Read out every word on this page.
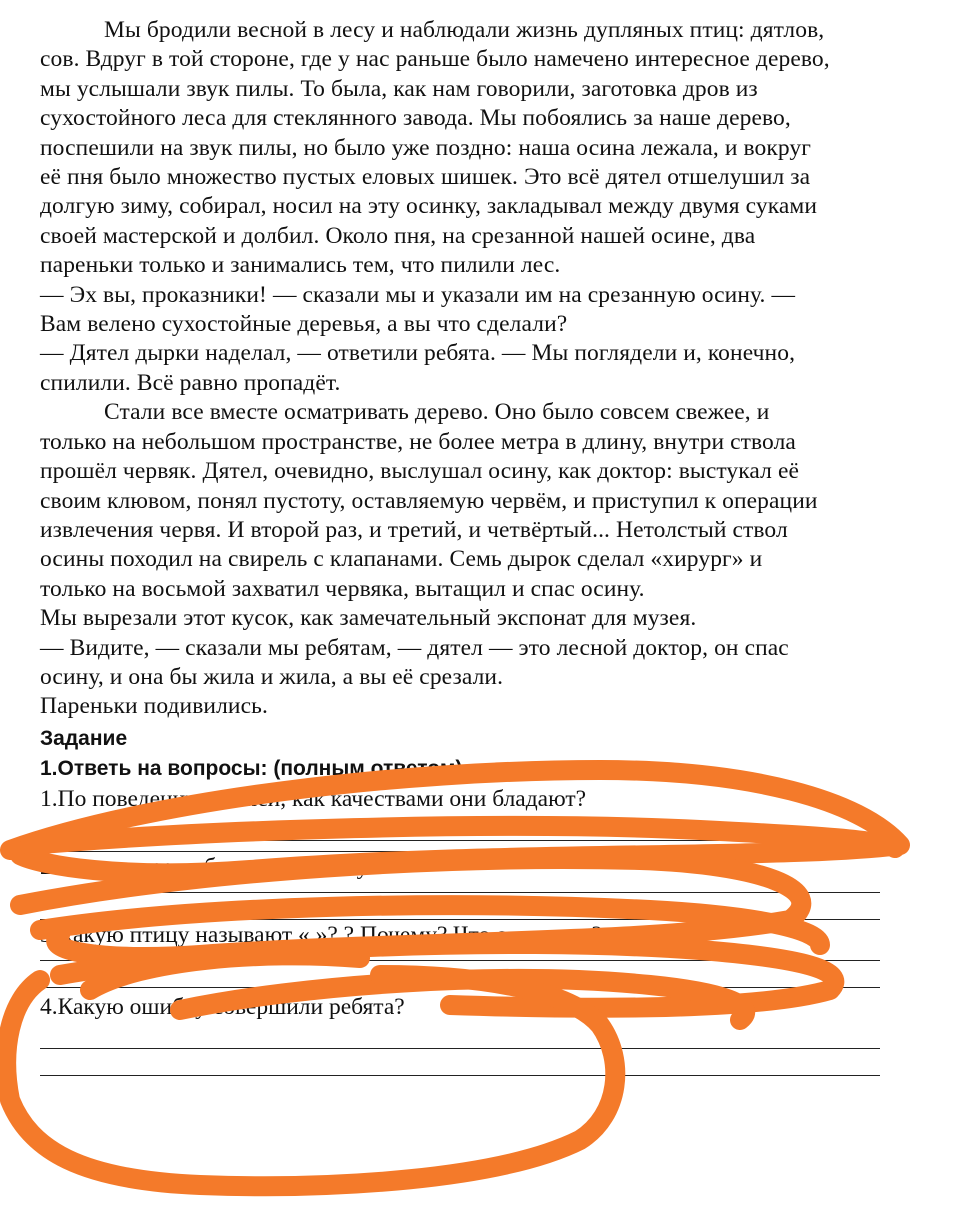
Мы бродили весной в лесу и наблюдали жизнь дупляных птиц: дятлов,
сов. Вдруг в той стороне, где у нас раньше было намечено интересное дерево,
мы услышали звук пилы. То была, как нам говорили, заготовка дров из
сухостойного леса для стеклянного завода. Мы побоялись за наше дерево,
поспешили на звук пилы, но было уже поздно: наша осина лежала, и вокруг
её пня было множество пустых еловых шишек. Это всё дятел отшелушил за
долгую зиму, собирал, носил на эту осинку, закладывал между двумя суками
своей мастерской и долбил. Около пня, на срезанной нашей осине, два
пареньки только и занимались тем, что пилили лес.
— Эх вы, проказники! — сказали мы и указали им на срезанную осину. —
Вам велено сухостойные деревья, а вы что сделали?
— Дятел дырки наделал, — ответили ребята. — Мы поглядели и, конечно,
спилили. Всё равно пропадёт.
Стали все вместе осматривать дерево. Оно было совсем свежее, и
только на небольшом пространстве, не более метра в длину, внутри ствола
прошёл червяк. Дятел, очевидно, выслушал осину, как доктор: выстукал её
своим клювом, понял пустоту, оставляемую червём, и приступил к операции
извлечения червя. И второй раз, и третий, и четвёртый... Нетолстый ствол
осины походил на свирель с клапанами. Семь дырок сделал «хирург» и
только на восьмой захватил червяка, вытащил и спас осину.
Мы вырезали этот кусок, как замечательный экспонат для музея.
— Видите, — сказали мы ребятам, — дятел — это лесной доктор, он спас
осину, и она бы жила и жила, а вы её срезали.
Пареньки подивились.
Задание
1.Ответь на вопросы: (полным ответом)
1.По поведению , описи, как качествами они бладают?
2.В какое время бродили по лесу?
3.Какую птицу называют « »? ? Почему? Что он делает?
4.Какую ошибку совершили ребята?
